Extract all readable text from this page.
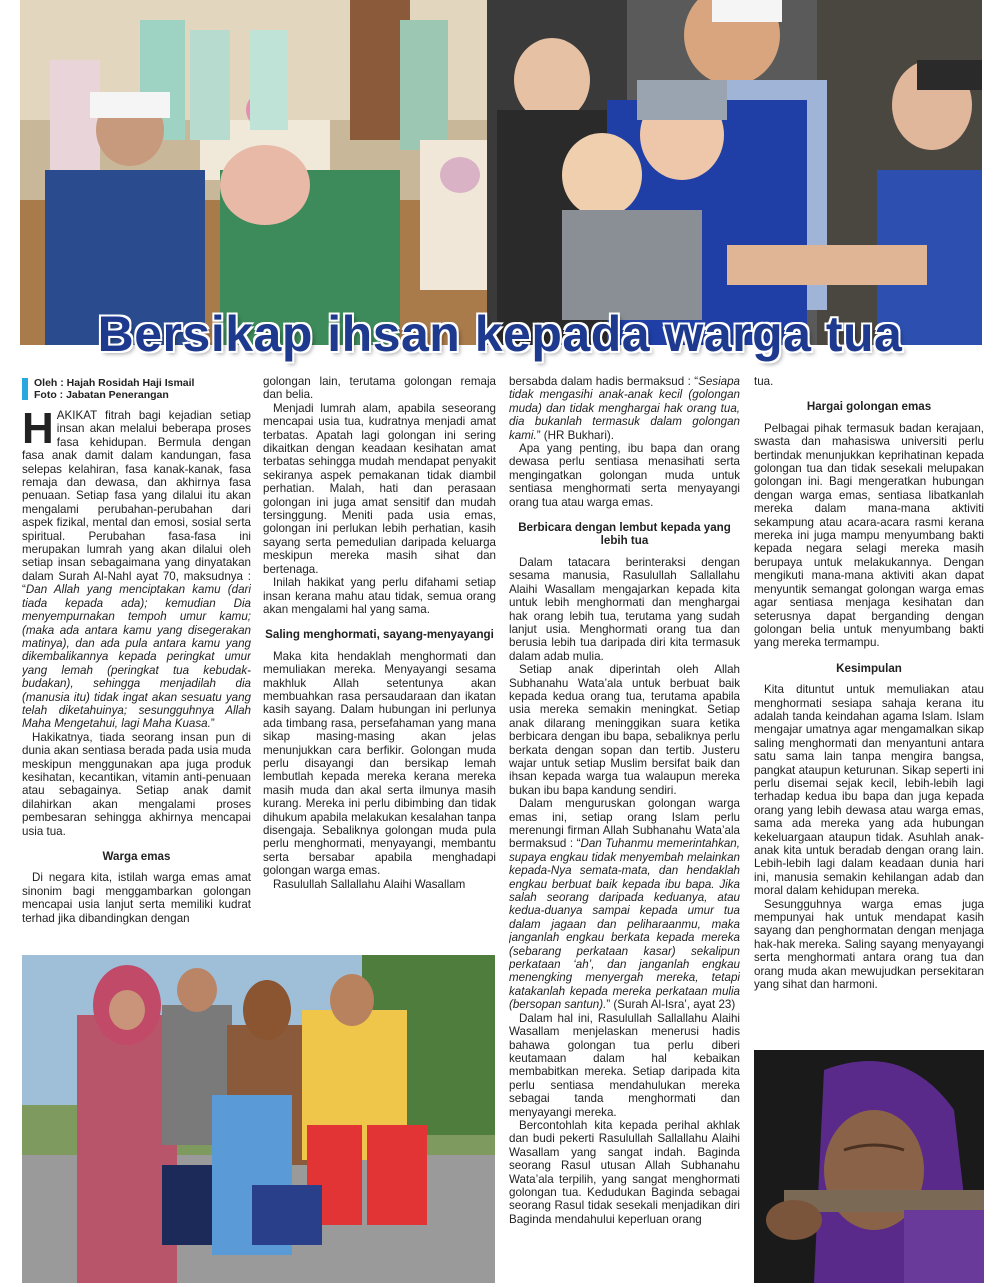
Bersikap ihsan kepada warga tua
Oleh : Hajah Rosidah Haji Ismail
Foto : Jabatan Penerangan

HAKIKAT fitrah bagi kejadian setiap insan akan melalui beberapa proses fasa kehidupan. Bermula dengan fasa anak damit dalam kandungan, fasa selepas kelahiran, fasa kanak-kanak, fasa remaja dan dewasa, dan akhirnya fasa penuaan. Setiap fasa yang dilalui itu akan mengalami perubahan-perubahan dari aspek fizikal, mental dan emosi, sosial serta spiritual. Perubahan fasa-fasa ini merupakan lumrah yang akan dilalui oleh setiap insan sebagaimana yang dinyatakan dalam Surah Al-Nahl ayat 70, maksudnya : “Dan Allah yang menciptakan kamu (dari tiada kepada ada); kemudian Dia menyempurnakan tempoh umur kamu; (maka ada antara kamu yang disegerakan matinya), dan ada pula antara kamu yang dikembalikannya kepada peringkat umur yang lemah (peringkat tua kebudak-budakan), sehingga menjadilah dia (manusia itu) tidak ingat akan sesuatu yang telah diketahuinya; sesungguhnya Allah Maha Mengetahui, lagi Maha Kuasa.”

Hakikatnya, tiada seorang insan pun di dunia akan sentiasa berada pada usia muda meskipun menggunakan apa juga produk kesihatan, kecantikan, vitamin anti-penuaan atau sebagainya. Setiap anak damit dilahirkan akan mengalami proses pembesaran sehingga akhirnya mencapai usia tua.

Warga emas

Di negara kita, istilah warga emas amat sinonim bagi menggambarkan golongan mencapai usia lanjut serta memiliki kudrat terhad jika dibandingkan dengan

golongan lain, terutama golongan remaja dan belia.

Menjadi lumrah alam, apabila seseorang mencapai usia tua, kudratnya menjadi amat terbatas. Apatah lagi golongan ini sering dikaitkan dengan keadaan kesihatan amat terbatas sehingga mudah mendapat penyakit sekiranya aspek pemakanan tidak diambil perhatian. Malah, hati dan perasaan golongan ini juga amat sensitif dan mudah tersinggung. Meniti pada usia emas, golongan ini perlukan lebih perhatian, kasih sayang serta pemedulian daripada keluarga meskipun mereka masih sihat dan bertenaga.

Inilah hakikat yang perlu difahami setiap insan kerana mahu atau tidak, semua orang akan mengalami hal yang sama.

Saling menghormati, sayang-menyayangi

Maka kita hendaklah menghormati dan memuliakan mereka. Menyayangi sesama makhluk Allah setentunya akan membuahkan rasa persaudaraan dan ikatan kasih sayang. Dalam hubungan ini perlunya ada timbang rasa, persefahaman yang mana sikap masing-masing akan jelas menunjukkan cara berfikir. Golongan muda perlu disayangi dan bersikap lemah lembutlah kepada mereka kerana mereka masih muda dan akal serta ilmunya masih kurang. Mereka ini perlu dibimbing dan tidak dihukum apabila melakukan kesalahan tanpa disengaja. Sebaliknya golongan muda pula perlu menghormati, menyayangi, membantu serta bersabar apabila menghadapi golongan warga emas.

Rasulullah Sallallahu Alaihi Wasallam

bersabda dalam hadis bermaksud : “Sesiapa tidak mengasihi anak-anak kecil (golongan muda) dan tidak menghargai hak orang tua, dia bukanlah termasuk dalam golongan kami.” (HR Bukhari).

Apa yang penting, ibu bapa dan orang dewasa perlu sentiasa menasihati serta mengingatkan golongan muda untuk sentiasa menghormati serta menyayangi orang tua atau warga emas.

Berbicara dengan lembut kepada yang lebih tua

Dalam tatacara berinteraksi dengan sesama manusia, Rasulullah Sallallahu Alaihi Wasallam mengajarkan kepada kita untuk lebih menghormati dan menghargai hak orang lebih tua, terutama yang sudah lanjut usia. Menghormati orang tua dan berusia lebih tua daripada diri kita termasuk dalam adab mulia.

Setiap anak diperintah oleh Allah Subhanahu Wata’ala untuk berbuat baik kepada kedua orang tua, terutama apabila usia mereka semakin meningkat. Setiap anak dilarang meninggikan suara ketika berbicara dengan ibu bapa, sebaliknya perlu berkata dengan sopan dan tertib. Justeru wajar untuk setiap Muslim bersifat baik dan ihsan kepada warga tua walaupun mereka bukan ibu bapa kandung sendiri.

Dalam menguruskan golongan warga emas ini, setiap orang Islam perlu merenungi firman Allah Subhanahu Wata’ala bermaksud : “Dan Tuhanmu memerintahkan, supaya engkau tidak menyembah melainkan kepada-Nya semata-mata, dan hendaklah engkau berbuat baik kepada ibu bapa. Jika salah seorang daripada keduanya, atau kedua-duanya sampai kepada umur tua dalam jagaan dan peliharaanmu, maka janganlah engkau berkata kepada mereka (sebarang perkataan kasar) sekalipun perkataan ‘ah’, dan janganlah engkau menengking menyergah mereka, tetapi katakanlah kepada mereka perkataan mulia (bersopan santun).” (Surah Al-Isra’, ayat 23)

Dalam hal ini, Rasulullah Sallallahu Alaihi Wasallam menjelaskan menerusi hadis bahawa golongan tua perlu diberi keutamaan dalam hal kebaikan membabitkan mereka. Setiap daripada kita perlu sentiasa mendahulukan mereka sebagai tanda menghormati dan menyayangi mereka.

Bercontohlah kita kepada perihal akhlak dan budi pekerti Rasulullah Sallallahu Alaihi Wasallam yang sangat indah. Baginda seorang Rasul utusan Allah Subhanahu Wata’ala terpilih, yang sangat menghormati golongan tua. Kedudukan Baginda sebagai seorang Rasul tidak sesekali menjadikan diri Baginda mendahului keperluan orang

tua.

Hargai golongan emas

Pelbagai pihak termasuk badan kerajaan, swasta dan mahasiswa universiti perlu bertindak menunjukkan keprihatinan kepada golongan tua dan tidak sesekali melupakan golongan ini. Bagi mengeratkan hubungan dengan warga emas, sentiasa libatkanlah mereka dalam mana-mana aktiviti sekampung atau acara-acara rasmi kerana mereka ini juga mampu menyumbang bakti kepada negara selagi mereka masih berupaya untuk melakukannya. Dengan mengikuti mana-mana aktiviti akan dapat menyuntik semangat golongan warga emas agar sentiasa menjaga kesihatan dan seterusnya dapat berganding dengan golongan belia untuk menyumbang bakti yang mereka termampu.

Kesimpulan

Kita dituntut untuk memuliakan atau menghormati sesiapa sahaja kerana itu adalah tanda keindahan agama Islam. Islam mengajar umatnya agar mengamalkan sikap saling menghormati dan menyantuni antara satu sama lain tanpa mengira bangsa, pangkat ataupun keturunan. Sikap seperti ini perlu disemai sejak kecil, lebih-lebih lagi terhadap kedua ibu bapa dan juga kepada orang yang lebih dewasa atau warga emas, sama ada mereka yang ada hubungan kekeluargaan ataupun tidak. Asuhlah anak-anak kita untuk beradab dengan orang lain. Lebih-lebih lagi dalam keadaan dunia hari ini, manusia semakin kehilangan adab dan moral dalam kehidupan mereka.

Sesungguhnya warga emas juga mempunyai hak untuk mendapat kasih sayang dan penghormatan dengan menjaga hak-hak mereka. Saling sayang menyayangi serta menghormati antara orang tua dan orang muda akan mewujudkan persekitaran yang sihat dan harmoni.
